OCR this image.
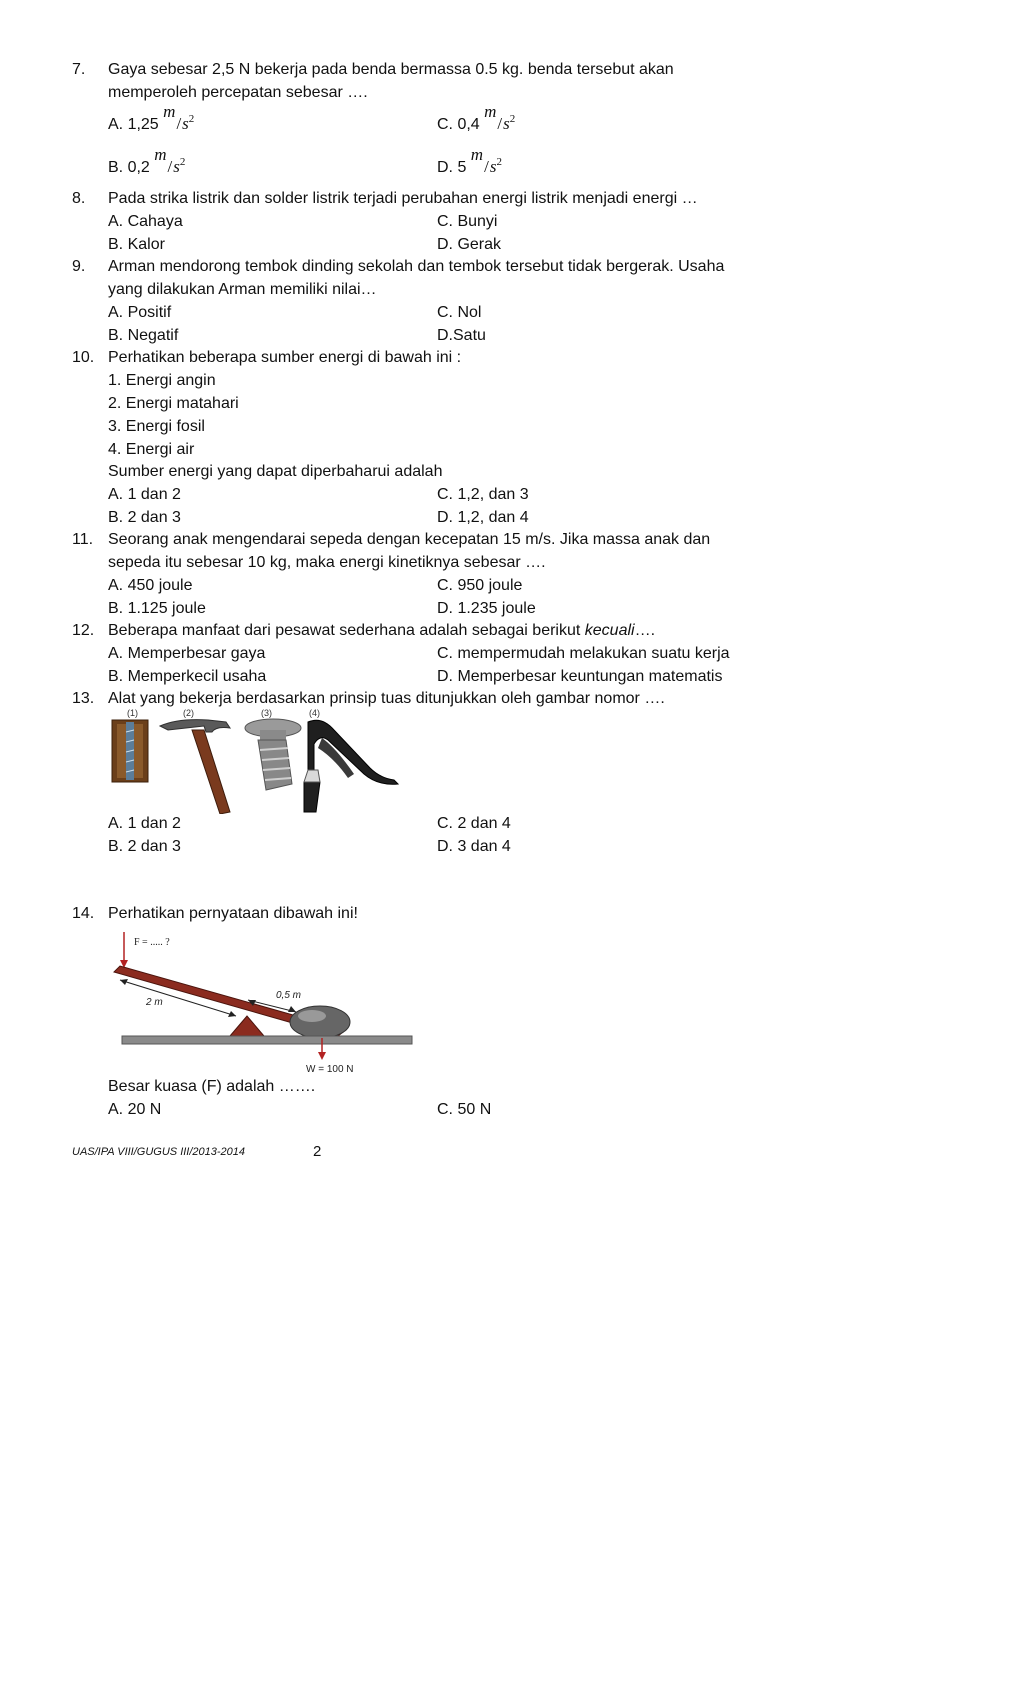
7. Gaya sebesar 2,5 N bekerja pada benda bermassa 0.5 kg. benda tersebut akan
memperoleh percepatan sebesar ….
A. 1,25 $m/s^2$	C. 0,4 $m/s^2$
B. 0,2 $m/s^2$	D. 5 $m/s^2$
8. Pada strika listrik dan solder listrik terjadi perubahan energi listrik menjadi energi …
A. Cahaya	C. Bunyi
B. Kalor	D. Gerak
9. Arman mendorong tembok dinding sekolah dan tembok tersebut tidak bergerak. Usaha
yang dilakukan Arman memiliki nilai…
A. Positif	C. Nol
B. Negatif	D.Satu
10. Perhatikan beberapa sumber energi di bawah ini :
1. Energi angin
2. Energi matahari
3. Energi fosil
4. Energi air
Sumber energi yang dapat diperbaharui adalah
A. 1 dan 2	C. 1,2, dan 3
B. 2 dan 3	D. 1,2, dan 4
11. Seorang anak mengendarai sepeda dengan kecepatan 15 m/s. Jika massa anak dan
sepeda itu sebesar 10 kg, maka energi kinetiknya sebesar ….
A. 450 joule	C. 950 joule
B. 1.125 joule	D. 1.235 joule
12. Beberapa manfaat dari pesawat sederhana adalah sebagai berikut kecuali….
A. Memperbesar gaya	C. mempermudah melakukan suatu kerja
B. Memperkecil usaha	D. Memperbesar keuntungan matematis
13. Alat yang bekerja berdasarkan prinsip tuas ditunjukkan oleh gambar nomor ….
(1)	(2)	(3)	(4)
A. 1 dan 2	C. 2 dan 4
B. 2 dan 3	D. 3 dan 4
14. Perhatikan pernyataan dibawah ini!
F = ..... ?
2 m
0,5 m
W = 100 N
Besar kuasa (F) adalah …….
A. 20 N	C. 50 N
UAS/IPA VIII/GUGUS III/2013-2014	2
